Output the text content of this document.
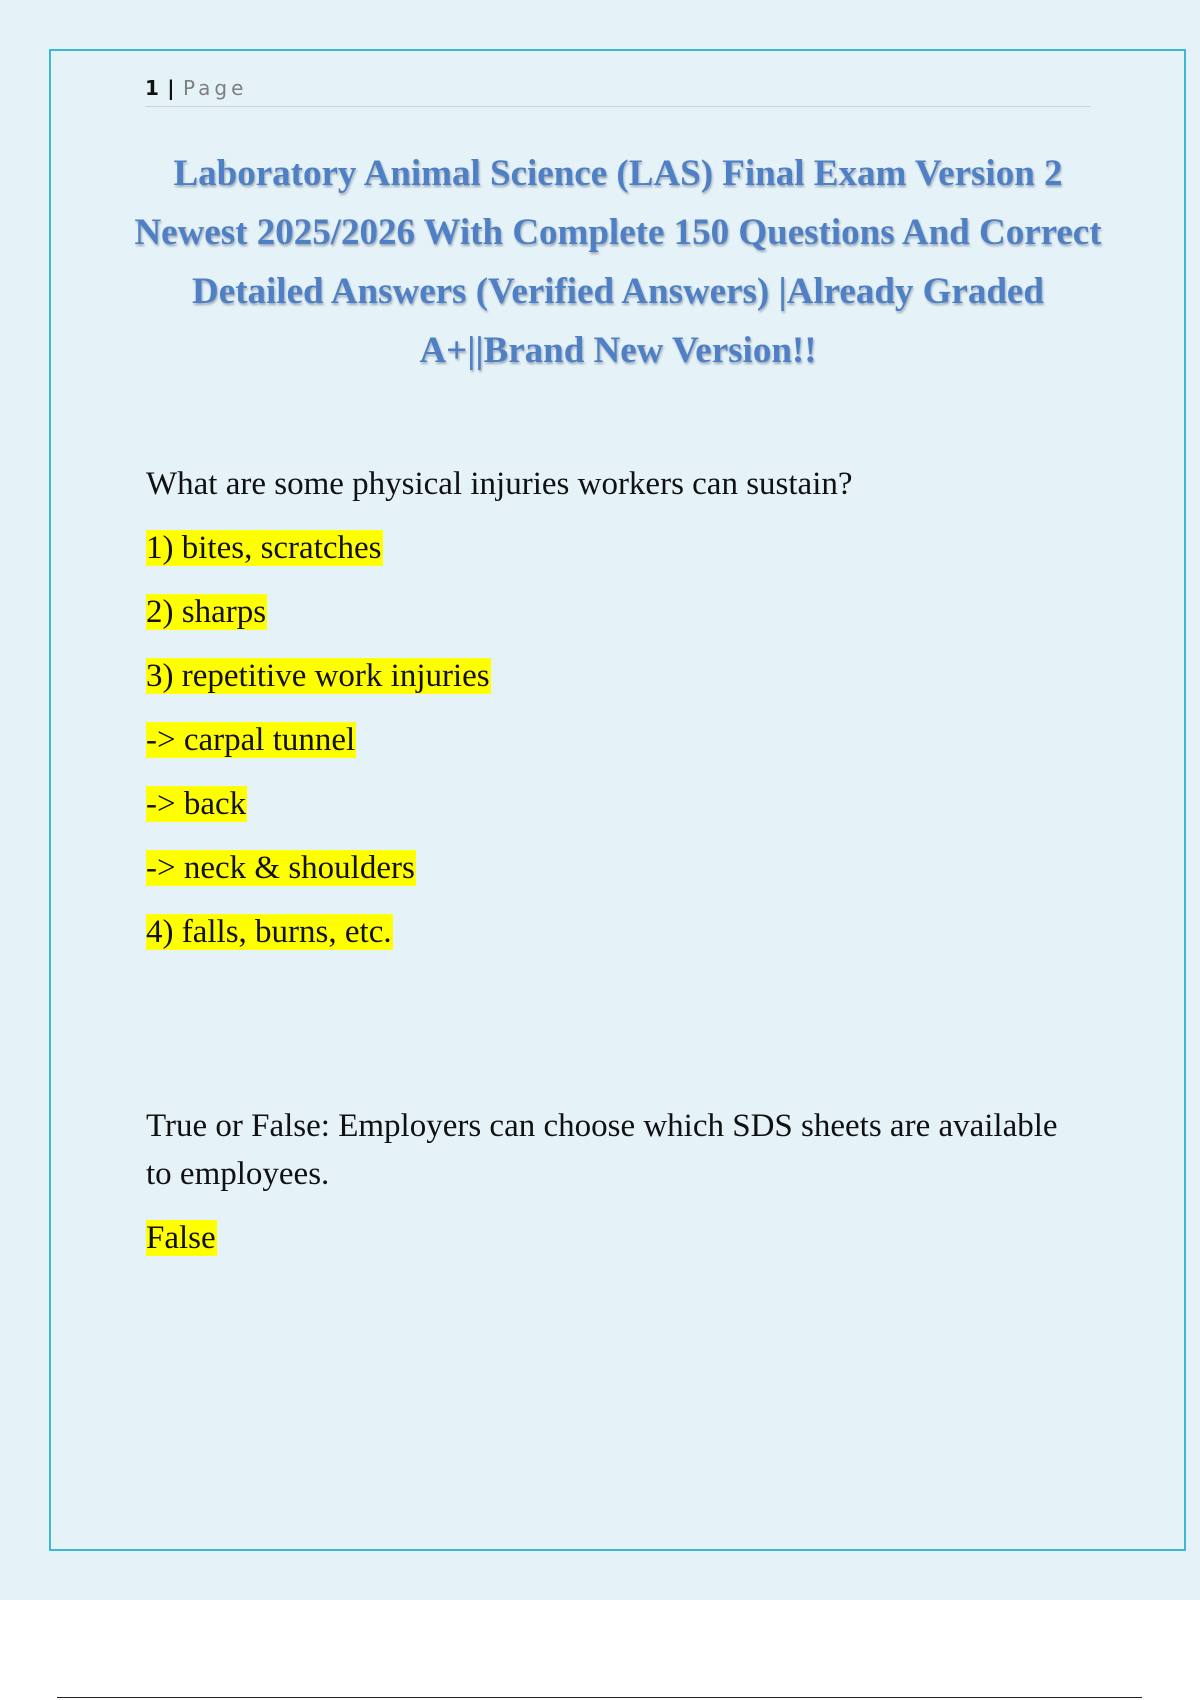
1 | Page
Laboratory Animal Science (LAS) Final Exam Version 2 Newest 2025/2026 With Complete 150 Questions And Correct Detailed Answers (Verified Answers) |Already Graded A+||Brand New Version!!

What are some physical injuries workers can sustain?

1) bites, scratches

2) sharps

3) repetitive work injuries

-> carpal tunnel

-> back

-> neck & shoulders

4) falls, burns, etc.

True or False: Employers can choose which SDS sheets are available to employees.

False
